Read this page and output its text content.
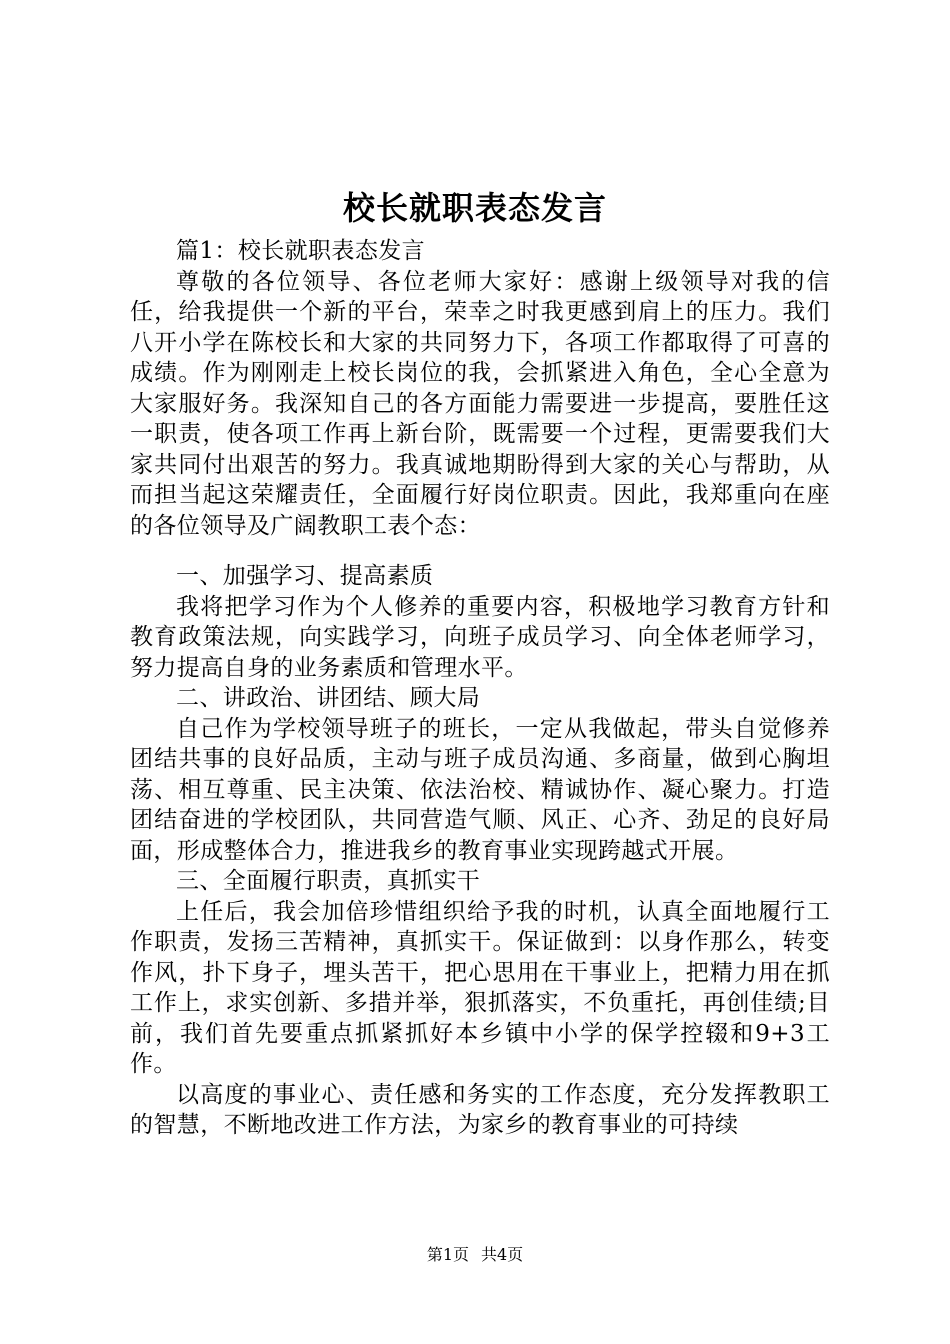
校长就职表态发言

篇1：校长就职表态发言

尊敬的各位领导、各位老师大家好：感谢上级领导对我的信任，给我提供一个新的平台，荣幸之时我更感到肩上的压力。我们八开小学在陈校长和大家的共同努力下，各项工作都取得了可喜的成绩。作为刚刚走上校长岗位的我，会抓紧进入角色，全心全意为大家服好务。我深知自己的各方面能力需要进一步提高，要胜任这一职责，使各项工作再上新台阶，既需要一个过程，更需要我们大家共同付出艰苦的努力。我真诚地期盼得到大家的关心与帮助，从而担当起这荣耀责任，全面履行好岗位职责。因此，我郑重向在座的各位领导及广阔教职工表个态：

一、加强学习、提高素质

我将把学习作为个人修养的重要内容，积极地学习教育方针和教育政策法规，向实践学习，向班子成员学习、向全体老师学习，努力提高自身的业务素质和管理水平。

二、讲政治、讲团结、顾大局

自己作为学校领导班子的班长，一定从我做起，带头自觉修养团结共事的良好品质，主动与班子成员沟通、多商量，做到心胸坦荡、相互尊重、民主决策、依法治校、精诚协作、凝心聚力。打造团结奋进的学校团队，共同营造气顺、风正、心齐、劲足的良好局面，形成整体合力，推进我乡的教育事业实现跨越式开展。

三、全面履行职责，真抓实干

上任后，我会加倍珍惜组织给予我的时机，认真全面地履行工作职责，发扬三苦精神，真抓实干。保证做到：以身作那么，转变作风，扑下身子，埋头苦干，把心思用在干事业上，把精力用在抓工作上，求实创新、多措并举，狠抓落实，不负重托，再创佳绩;目前，我们首先要重点抓紧抓好本乡镇中小学的保学控辍和9+3工作。

以高度的事业心、责任感和务实的工作态度，充分发挥教职工的智慧，不断地改进工作方法，为家乡的教育事业的可持续

第1页 共4页
